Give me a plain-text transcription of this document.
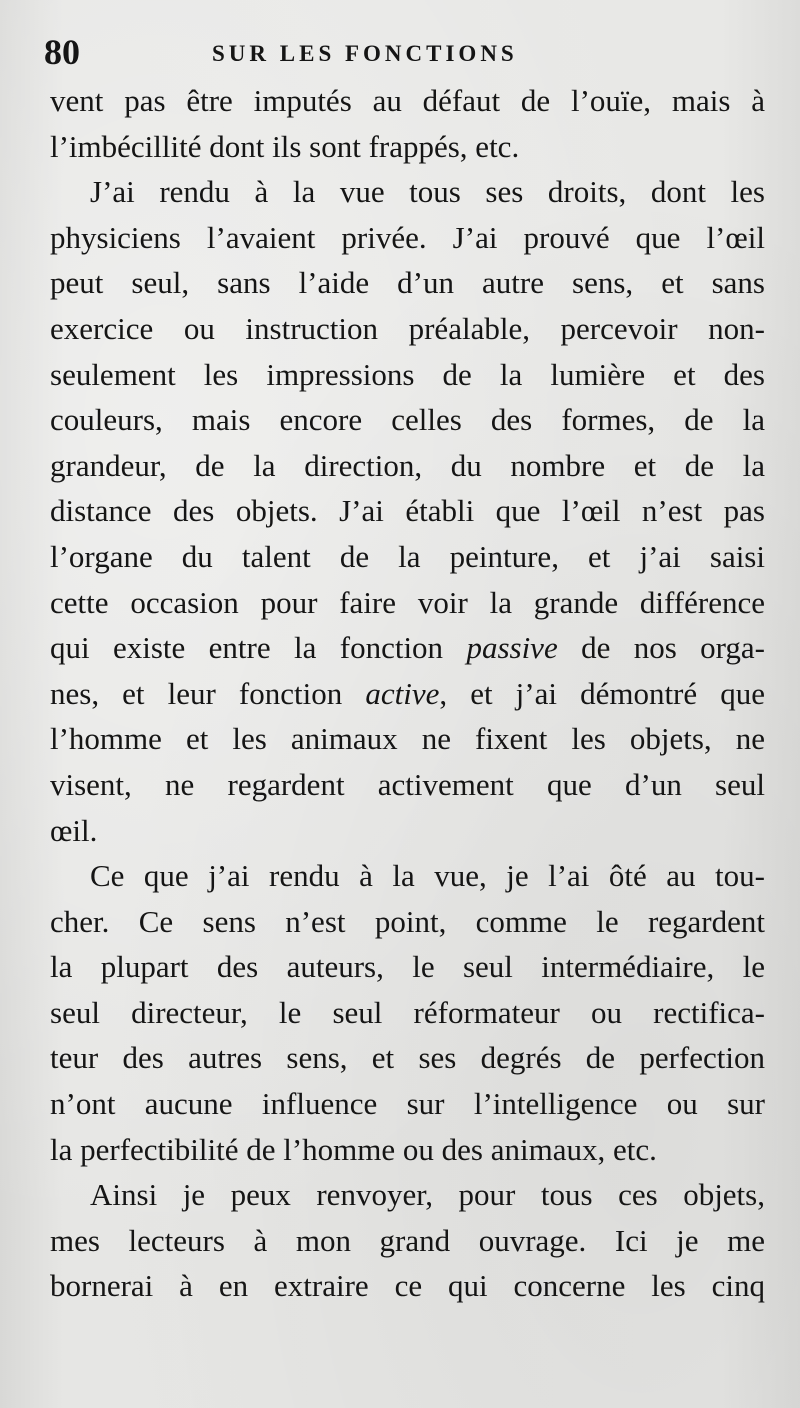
80	SUR LES FONCTIONS
vent pas être imputés au défaut de l’ouïe, mais à
l’imbécillité dont ils sont frappés, etc.
J’ai rendu à la vue tous ses droits, dont les
physiciens l’avaient privée. J’ai prouvé que l’œil
peut seul, sans l’aide d’un autre sens, et sans
exercice ou instruction préalable, percevoir non-
seulement les impressions de la lumière et des
couleurs, mais encore celles des formes, de la
grandeur, de la direction, du nombre et de la
distance des objets. J’ai établi que l’œil n’est pas
l’organe du talent de la peinture, et j’ai saisi
cette occasion pour faire voir la grande différence
qui existe entre la fonction passive de nos orga-
nes, et leur fonction active, et j’ai démontré que
l’homme et les animaux ne fixent les objets, ne
visent, ne regardent activement que d’un seul
œil.
Ce que j’ai rendu à la vue, je l’ai ôté au tou-
cher. Ce sens n’est point, comme le regardent
la plupart des auteurs, le seul intermédiaire, le
seul directeur, le seul réformateur ou rectifica-
teur des autres sens, et ses degrés de perfection
n’ont aucune influence sur l’intelligence ou sur
la perfectibilité de l’homme ou des animaux, etc.
Ainsi je peux renvoyer, pour tous ces objets,
mes lecteurs à mon grand ouvrage. Ici je me
bornerai à en extraire ce qui concerne les cinq
